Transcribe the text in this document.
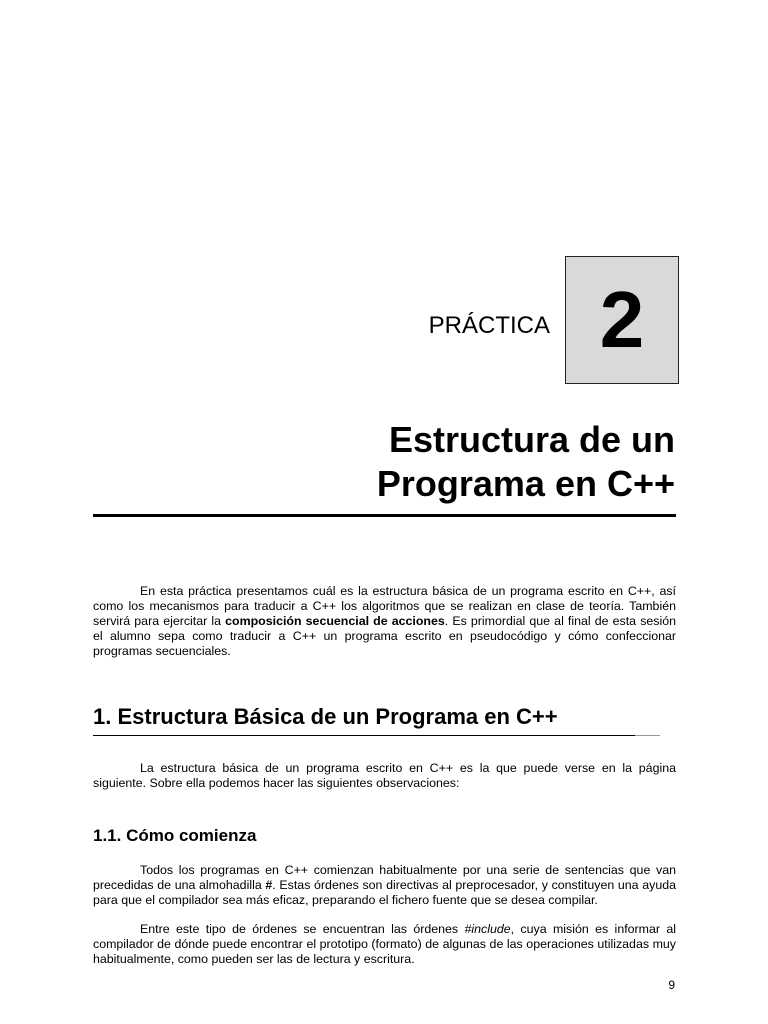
PRÁCTICA 2
Estructura de un
Programa en C++

En esta práctica presentamos cuál es la estructura básica de un programa escrito en C++, así como los mecanismos para traducir a C++ los algoritmos que se realizan en clase de teoría. También servirá para ejercitar la composición secuencial de acciones. Es primordial que al final de esta sesión el alumno sepa como traducir a C++ un programa escrito en pseudocódigo y cómo confeccionar programas secuenciales.

1. Estructura Básica de un Programa en C++

La estructura básica de un programa escrito en C++ es la que puede verse en la página siguiente. Sobre ella podemos hacer las siguientes observaciones:

1.1. Cómo comienza

Todos los programas en C++ comienzan habitualmente por una serie de sentencias que van precedidas de una almohadilla #. Estas órdenes son directivas al preprocesador, y constituyen una ayuda para que el compilador sea más eficaz, preparando el fichero fuente que se desea compilar.

Entre este tipo de órdenes se encuentran las órdenes #include, cuya misión es informar al compilador de dónde puede encontrar el prototipo (formato) de algunas de las operaciones utilizadas muy habitualmente, como pueden ser las de lectura y escritura.

9
